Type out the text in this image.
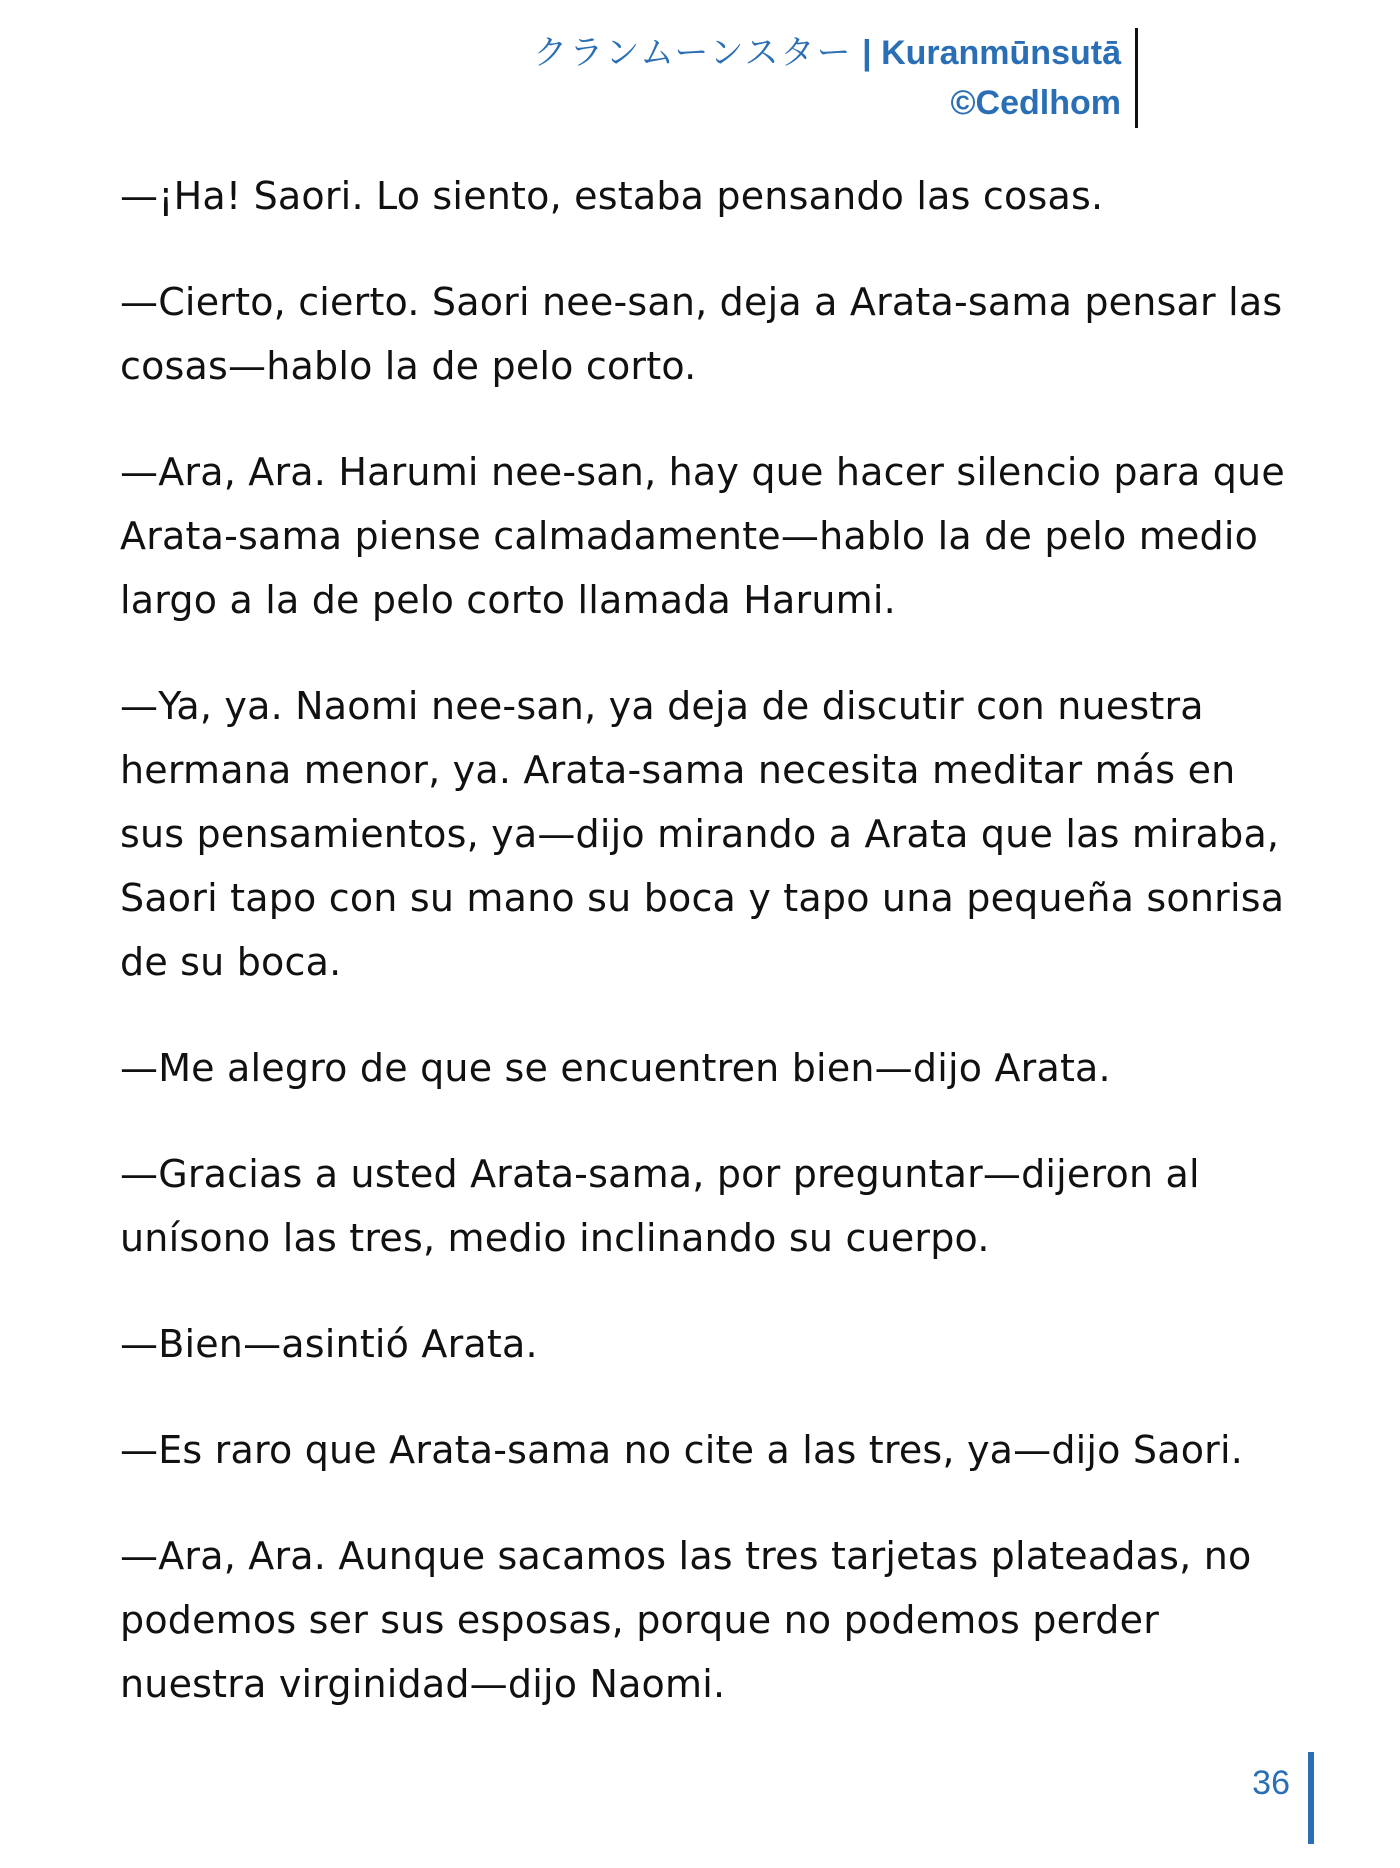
クランムーンスター | Kuranmūnsutā
©Cedlhom

—¡Ha! Saori. Lo siento, estaba pensando las cosas.

—Cierto, cierto. Saori nee-san, deja a Arata-sama pensar las cosas—hablo la de pelo corto.

—Ara, Ara. Harumi nee-san, hay que hacer silencio para que Arata-sama piense calmadamente—hablo la de pelo medio largo a la de pelo corto llamada Harumi.

—Ya, ya. Naomi nee-san, ya deja de discutir con nuestra hermana menor, ya. Arata-sama necesita meditar más en sus pensamientos, ya—dijo mirando a Arata que las miraba, Saori tapo con su mano su boca y tapo una pequeña sonrisa de su boca.

—Me alegro de que se encuentren bien—dijo Arata.

—Gracias a usted Arata-sama, por preguntar—dijeron al unísono las tres, medio inclinando su cuerpo.

—Bien—asintió Arata.

—Es raro que Arata-sama no cite a las tres, ya—dijo Saori.

—Ara, Ara. Aunque sacamos las tres tarjetas plateadas, no podemos ser sus esposas, porque no podemos perder nuestra virginidad—dijo Naomi.

36
